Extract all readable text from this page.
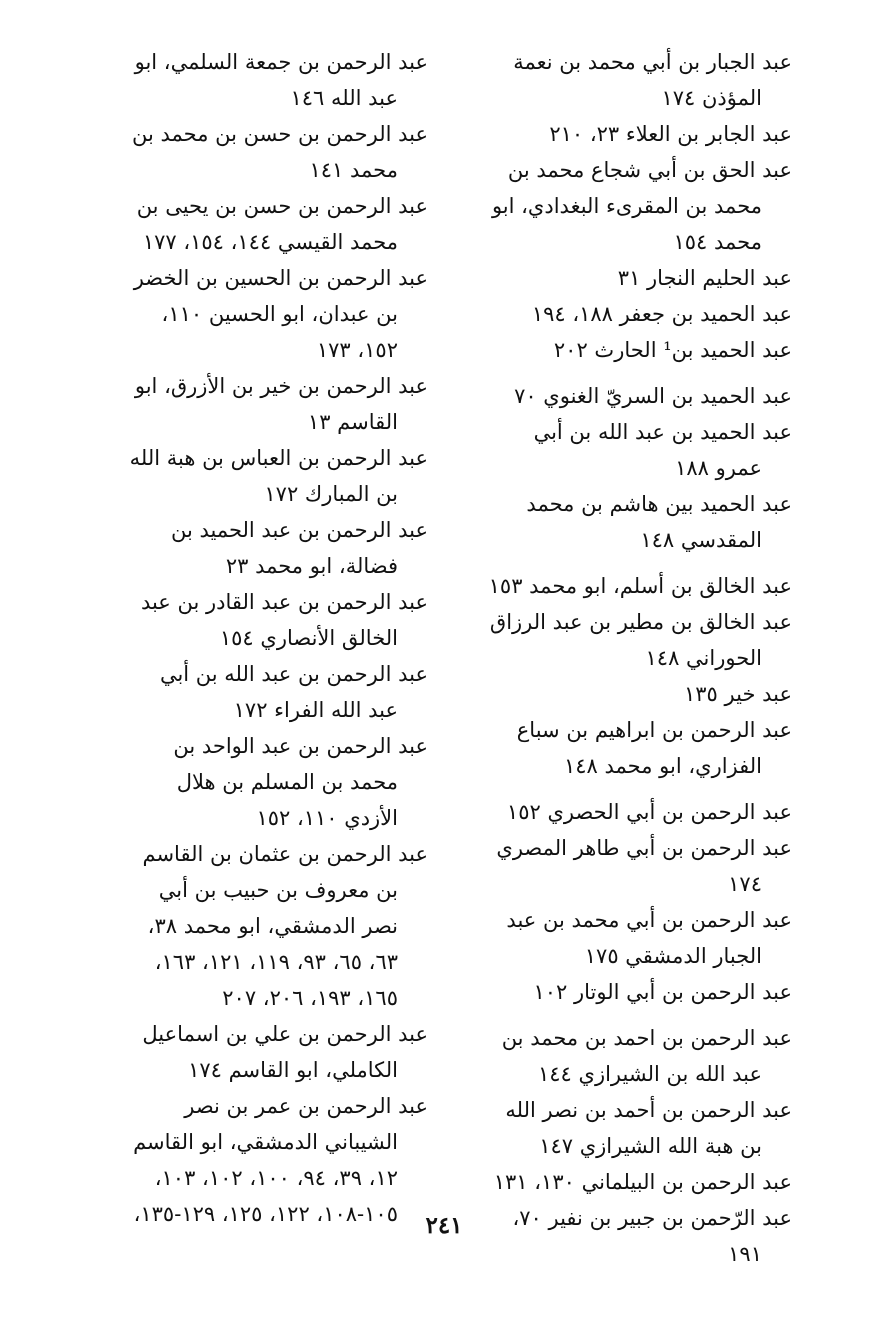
عبد الجبار بن أبي محمد بن نعمة المؤذن ١٧٤

عبد الجابر بن العلاء ٢٣، ٢١٠

عبد الحق بن أبي شجاع محمد بن محمد بن المقرىء البغدادي، ابو محمد ١٥٤

عبد الحليم النجار ٣١

عبد الحميد بن جعفر ١٨٨، ١٩٤

عبد الحميد بن¹ الحارث ٢٠٢

عبد الحميد بن السريّ الغنوي ٧٠

عبد الحميد بن عبد الله بن أبي عمرو ١٨٨

عبد الحميد بين هاشم بن محمد المقدسي ١٤٨

عبد الخالق بن أسلم، ابو محمد ١٥٣

عبد الخالق بن مطير بن عبد الرزاق الحوراني ١٤٨

عبد خير ١٣٥

عبد الرحمن بن ابراهيم بن سباع الفزاري، ابو محمد ١٤٨

عبد الرحمن بن أبي الحصري ١٥٢

عبد الرحمن بن أبي طاهر المصري ١٧٤

عبد الرحمن بن أبي محمد بن عبد الجبار الدمشقي ١٧٥

عبد الرحمن بن أبي الوتار ١٠٢

عبد الرحمن بن احمد بن محمد بن عبد الله بن الشيرازي ١٤٤

عبد الرحمن بن أحمد بن نصر الله بن هبة الله الشيرازي ١٤٧

عبد الرحمن بن البيلماني ١٣٠، ١٣١

عبد الرّحمن بن جبير بن نفير ٧٠، ١٩١

عبد الرحمن بن جمعة السلمي، ابو عبد الله ١٤٦

عبد الرحمن بن حسن بن محمد بن محمد ١٤١

عبد الرحمن بن حسن بن يحيى بن محمد القيسي ١٤٤، ١٥٤، ١٧٧

عبد الرحمن بن الحسين بن الخضر بن عبدان، ابو الحسين ١١٠، ١٥٢، ١٧٣

عبد الرحمن بن خير بن الأزرق، ابو القاسم ١٣

عبد الرحمن بن العباس بن هبة الله بن المبارك ١٧٢

عبد الرحمن بن عبد الحميد بن فضالة، ابو محمد ٢٣

عبد الرحمن بن عبد القادر بن عبد الخالق الأنصاري ١٥٤

عبد الرحمن بن عبد الله بن أبي عبد الله الفراء ١٧٢

عبد الرحمن بن عبد الواحد بن محمد بن المسلم بن هلال الأزدي ١١٠، ١٥٢

عبد الرحمن بن عثمان بن القاسم بن معروف بن حبيب بن أبي نصر الدمشقي، ابو محمد ٣٨، ٦٣، ٦٥، ٩٣، ١١٩، ١٢١، ١٦٣، ١٦٥، ١٩٣، ٢٠٦، ٢٠٧

عبد الرحمن بن علي بن اسماعيل الكاملي، ابو القاسم ١٧٤

عبد الرحمن بن عمر بن نصر الشيباني الدمشقي، ابو القاسم ١٢، ٣٩، ٩٤، ١٠٠، ١٠٢، ١٠٣، ١٠٥-١٠٨، ١٢٢، ١٢٥، ١٢٩-١٣٥،	٢٤١
